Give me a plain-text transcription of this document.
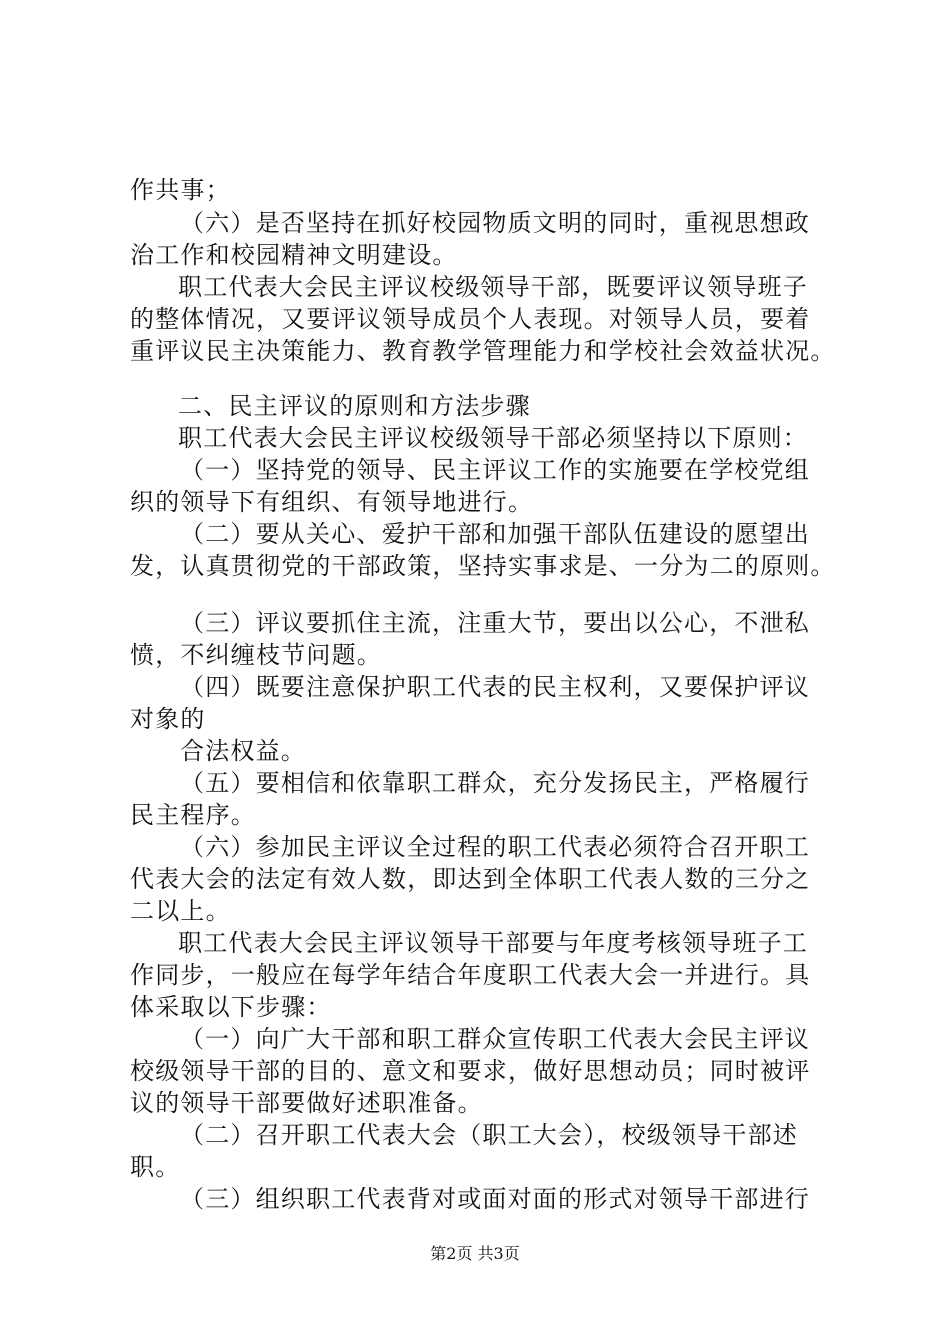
作共事；
（六）是否坚持在抓好校园物质文明的同时，重视思想政
治工作和校园精神文明建设。
职工代表大会民主评议校级领导干部，既要评议领导班子
的整体情况，又要评议领导成员个人表现。对领导人员，要着
重评议民主决策能力、教育教学管理能力和学校社会效益状况。
二、民主评议的原则和方法步骤
职工代表大会民主评议校级领导干部必须坚持以下原则：
（一）坚持党的领导、民主评议工作的实施要在学校党组
织的领导下有组织、有领导地进行。
（二）要从关心、爱护干部和加强干部队伍建设的愿望出
发，认真贯彻党的干部政策，坚持实事求是、一分为二的原则。
（三）评议要抓住主流，注重大节，要出以公心，不泄私
愤，不纠缠枝节问题。
（四）既要注意保护职工代表的民主权利，又要保护评议
对象的
合法权益。
（五）要相信和依靠职工群众，充分发扬民主，严格履行
民主程序。
（六）参加民主评议全过程的职工代表必须符合召开职工
代表大会的法定有效人数，即达到全体职工代表人数的三分之
二以上。
职工代表大会民主评议领导干部要与年度考核领导班子工
作同步，一般应在每学年结合年度职工代表大会一并进行。具
体采取以下步骤：
（一）向广大干部和职工群众宣传职工代表大会民主评议
校级领导干部的目的、意文和要求，做好思想动员；同时被评
议的领导干部要做好述职准备。
（二）召开职工代表大会（职工大会），校级领导干部述
职。
（三）组织职工代表背对或面对面的形式对领导干部进行
第2页 共3页
